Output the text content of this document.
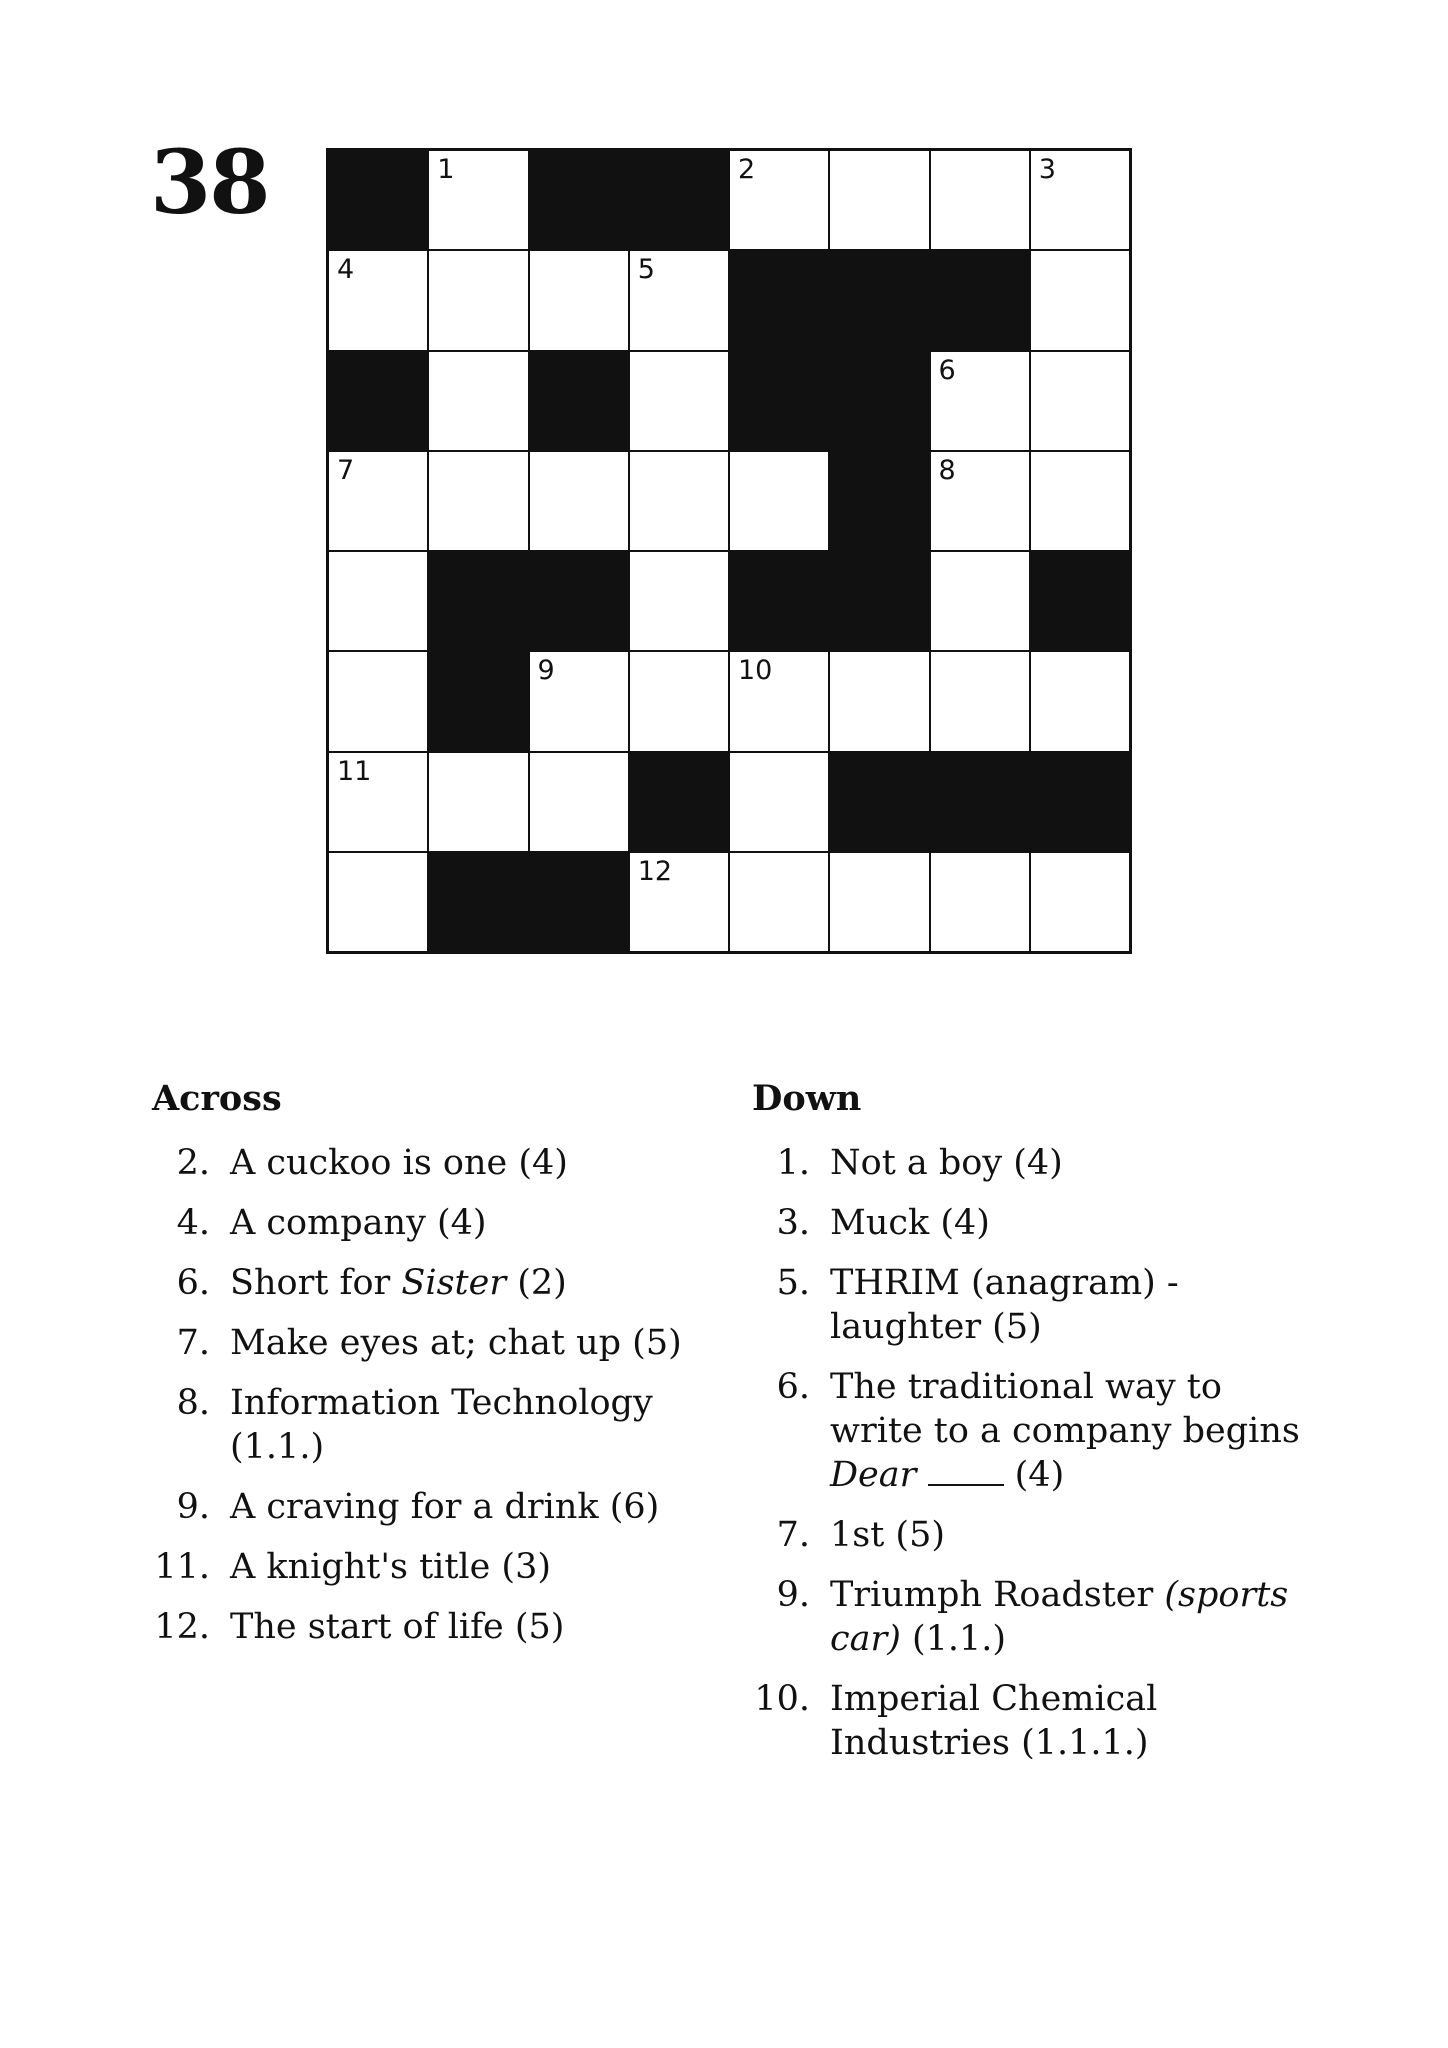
38	1	2	3
4	5
6
7	8
9	10
11
12
Across
2. A cuckoo is one (4)
4. A company (4)
6. Short for Sister (2)
7. Make eyes at; chat up (5)
8. Information Technology (1.1.)
9. A craving for a drink (6)
11. A knight's title (3)
12. The start of life (5)
Down
1. Not a boy (4)
3. Muck (4)
5. THRIM (anagram) - laughter (5)
6. The traditional way to write to a company begins Dear  (4)
7. 1st (5)
9. Triumph Roadster (sports car) (1.1.)
10. Imperial Chemical Industries (1.1.1.)
